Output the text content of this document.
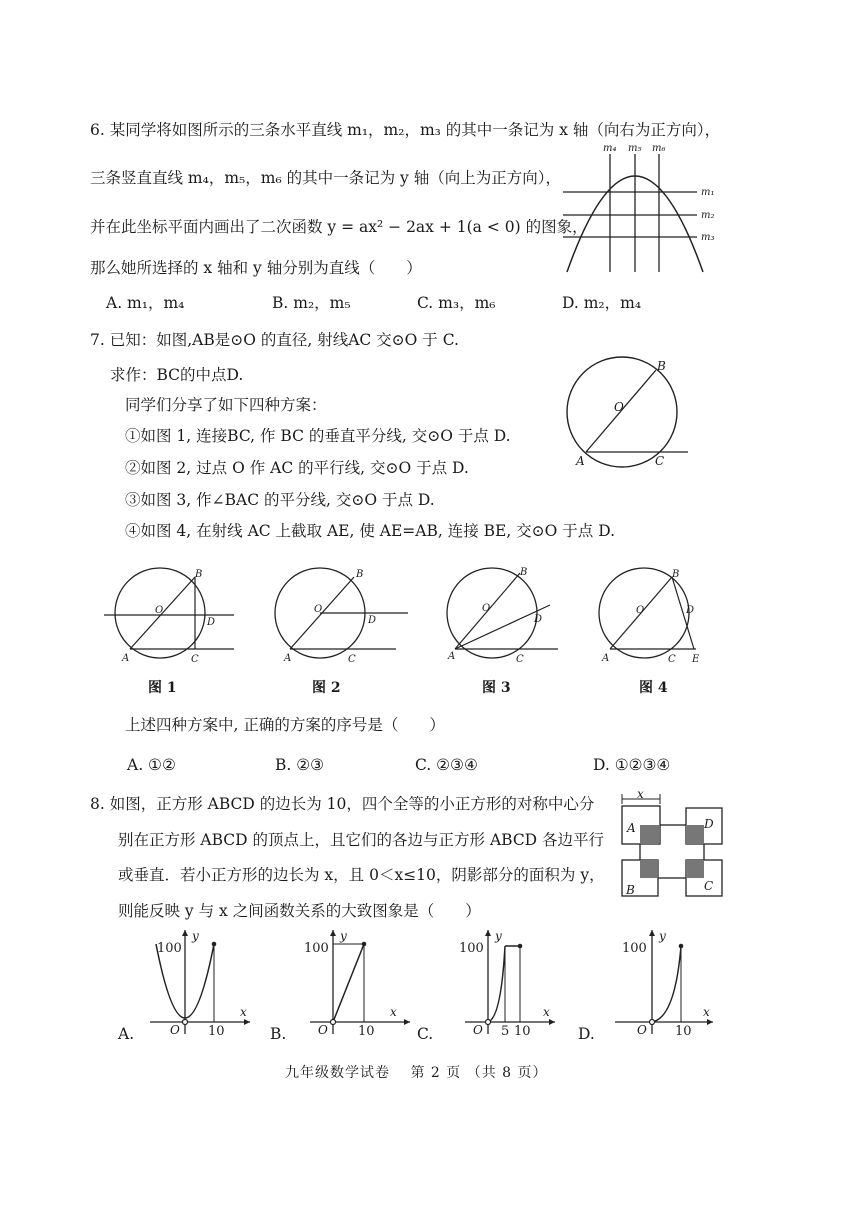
6. 某同学将如图所示的三条水平直线 m₁，m₂，m₃ 的其中一条记为 x 轴（向右为正方向），
三条竖直直线 m₄，m₅，m₆ 的其中一条记为 y 轴（向上为正方向），
并在此坐标平面内画出了二次函数 y = ax² − 2ax + 1(a < 0) 的图象，
那么她所选择的 x 轴和 y 轴分别为直线（　　）
m₄ m₅ m₆
m₁
m₂
m₃
A. m₁，m₄	B. m₂，m₅	C. m₃，m₆	D. m₂，m₄
7. 已知：如图,AB是⊙O 的直径, 射线AC 交⊙O 于 C.
求作：BC的中点D.
同学们分享了如下四种方案：
①如图 1, 连接BC, 作 BC 的垂直平分线, 交⊙O 于点 D.
②如图 2, 过点 O 作 AC 的平行线, 交⊙O 于点 D.
③如图 3, 作∠BAC 的平分线, 交⊙O 于点 D.
④如图 4, 在射线 AC 上截取 AE, 使 AE=AB, 连接 BE, 交⊙O 于点 D.
B
O
A	C
B
O
D
A	C
图 1
B
O
D
A	C
图 2
B
O
D
A	C
图 3
B
O	D
A	C E
图 4
上述四种方案中, 正确的方案的序号是（　　）
A. ①②	B. ②③	C. ②③④	D. ①②③④
8. 如图，正方形 ABCD 的边长为 10，四个全等的小正方形的对称中心分
别在正方形 ABCD 的顶点上，且它们的各边与正方形 ABCD 各边平行
或垂直．若小正方形的边长为 x，且 0＜x≤10，阴影部分的面积为 y，
则能反映 y 与 x 之间函数关系的大致图象是（　　）
x
A	D
B	C
100
y
O 10
x
A.
100
y
O 10
x
B.
100
y
O 5 10
x
C.
100
y
O 10
x
D.
九年级数学试卷　 第 2 页 （共 8 页）
